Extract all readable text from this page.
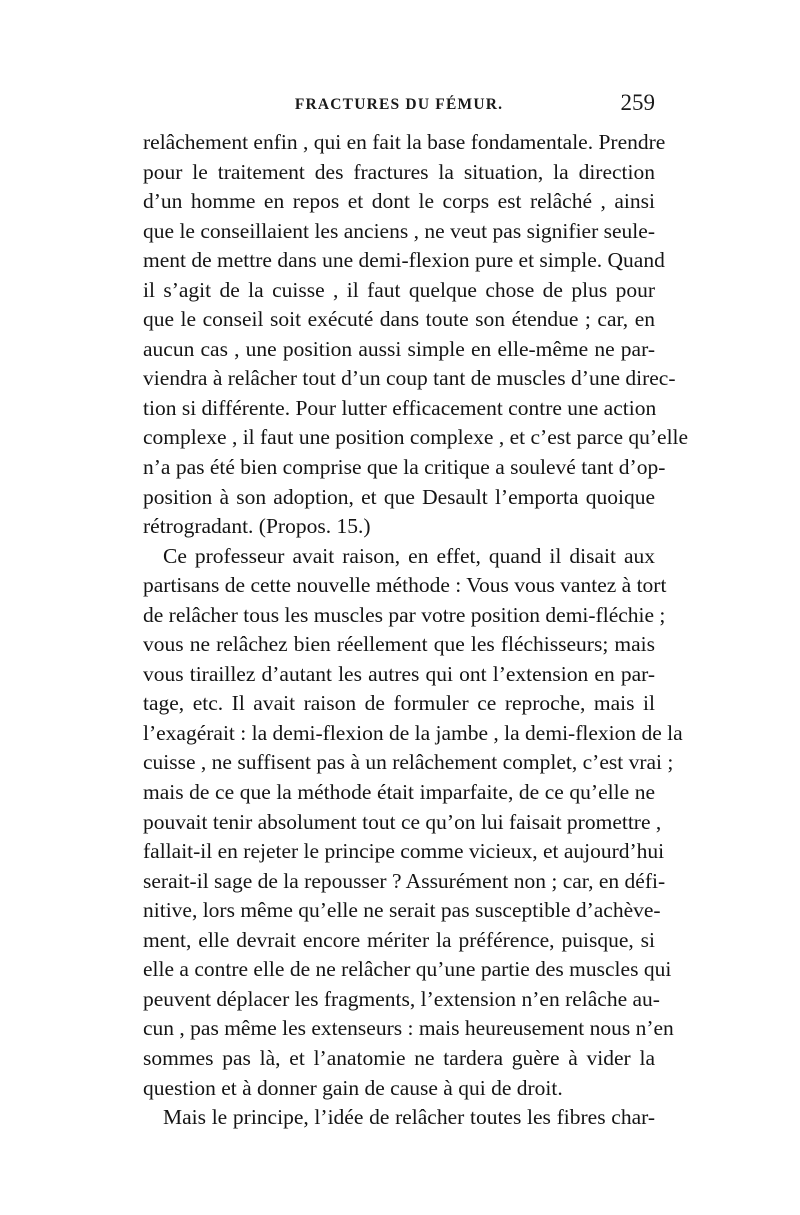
FRACTURES DU FÉMUR.	259
relâchement enfin , qui en fait la base fondamentale. Prendre
pour le traitement des fractures la situation, la direction
d’un homme en repos et dont le corps est relâché , ainsi
que le conseillaient les anciens , ne veut pas signifier seule-
ment de mettre dans une demi-flexion pure et simple. Quand
il s’agit de la cuisse , il faut quelque chose de plus pour
que le conseil soit exécuté dans toute son étendue ; car, en
aucun cas , une position aussi simple en elle-même ne par-
viendra à relâcher tout d’un coup tant de muscles d’une direc-
tion si différente. Pour lutter efficacement contre une action
complexe , il faut une position complexe , et c’est parce qu’elle
n’a pas été bien comprise que la critique a soulevé tant d’op-
position à son adoption, et que Desault l’emporta quoique
rétrogradant. (Propos. 15.)
Ce professeur avait raison, en effet, quand il disait aux
partisans de cette nouvelle méthode : Vous vous vantez à tort
de relâcher tous les muscles par votre position demi-fléchie ;
vous ne relâchez bien réellement que les fléchisseurs; mais
vous tiraillez d’autant les autres qui ont l’extension en par-
tage, etc. Il avait raison de formuler ce reproche, mais il
l’exagérait : la demi-flexion de la jambe , la demi-flexion de la
cuisse , ne suffisent pas à un relâchement complet, c’est vrai ;
mais de ce que la méthode était imparfaite, de ce qu’elle ne
pouvait tenir absolument tout ce qu’on lui faisait promettre ,
fallait-il en rejeter le principe comme vicieux, et aujourd’hui
serait-il sage de la repousser ? Assurément non ; car, en défi-
nitive, lors même qu’elle ne serait pas susceptible d’achève-
ment, elle devrait encore mériter la préférence, puisque, si
elle a contre elle de ne relâcher qu’une partie des muscles qui
peuvent déplacer les fragments, l’extension n’en relâche au-
cun , pas même les extenseurs : mais heureusement nous n’en
sommes pas là, et l’anatomie ne tardera guère à vider la
question et à donner gain de cause à qui de droit.
Mais le principe, l’idée de relâcher toutes les fibres char-
